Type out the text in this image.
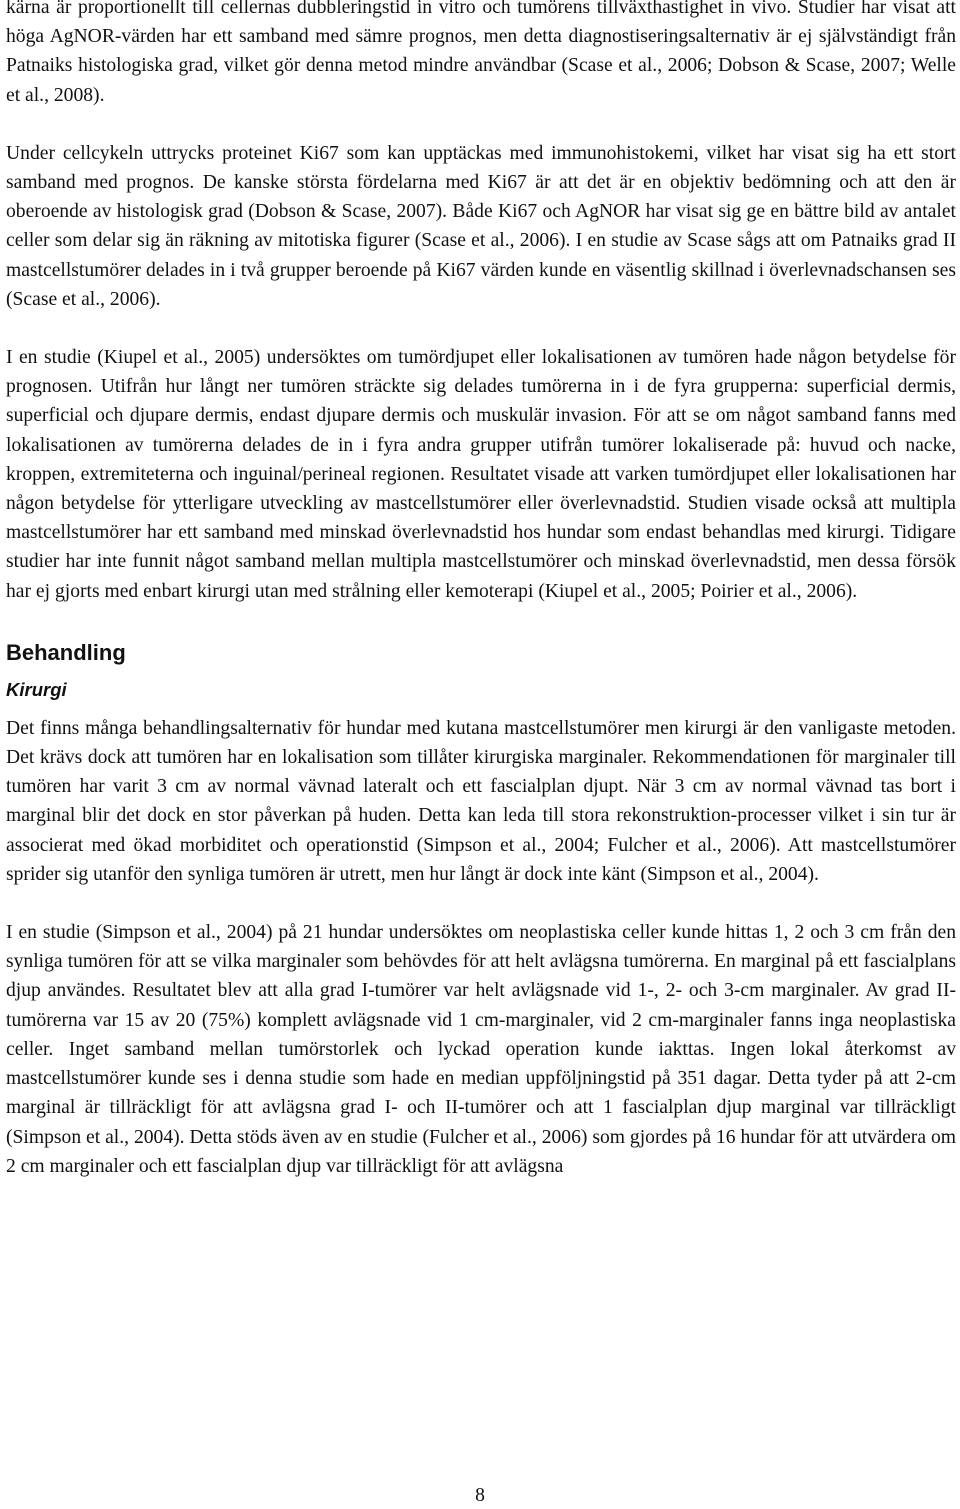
kärna är proportionellt till cellernas dubbleringstid in vitro och tumörens tillväxthastighet in vivo. Studier har visat att höga AgNOR-värden har ett samband med sämre prognos, men detta diagnostiseringsalternativ är ej självständigt från Patnaiks histologiska grad, vilket gör denna metod mindre användbar (Scase et al., 2006; Dobson & Scase, 2007; Welle et al., 2008).

Under cellcykeln uttrycks proteinet Ki67 som kan upptäckas med immunohistokemi, vilket har visat sig ha ett stort samband med prognos. De kanske största fördelarna med Ki67 är att det är en objektiv bedömning och att den är oberoende av histologisk grad (Dobson & Scase, 2007). Både Ki67 och AgNOR har visat sig ge en bättre bild av antalet celler som delar sig än räkning av mitotiska figurer (Scase et al., 2006). I en studie av Scase sågs att om Patnaiks grad II mastcellstumörer delades in i två grupper beroende på Ki67 värden kunde en väsentlig skillnad i överlevnadschansen ses (Scase et al., 2006).

I en studie (Kiupel et al., 2005) undersöktes om tumördjupet eller lokalisationen av tumören hade någon betydelse för prognosen. Utifrån hur långt ner tumören sträckte sig delades tumörerna in i de fyra grupperna: superficial dermis, superficial och djupare dermis, endast djupare dermis och muskulär invasion. För att se om något samband fanns med lokalisationen av tumörerna delades de in i fyra andra grupper utifrån tumörer lokaliserade på: huvud och nacke, kroppen, extremiteterna och inguinal/perineal regionen. Resultatet visade att varken tumördjupet eller lokalisationen har någon betydelse för ytterligare utveckling av mastcellstumörer eller överlevnadstid. Studien visade också att multipla mastcellstumörer har ett samband med minskad överlevnadstid hos hundar som endast behandlas med kirurgi. Tidigare studier har inte funnit något samband mellan multipla mastcellstumörer och minskad överlevnadstid, men dessa försök har ej gjorts med enbart kirurgi utan med strålning eller kemoterapi (Kiupel et al., 2005; Poirier et al., 2006).

Behandling
Kirurgi

Det finns många behandlingsalternativ för hundar med kutana mastcellstumörer men kirurgi är den vanligaste metoden. Det krävs dock att tumören har en lokalisation som tillåter kirurgiska marginaler. Rekommendationen för marginaler till tumören har varit 3 cm av normal vävnad lateralt och ett fascialplan djupt. När 3 cm av normal vävnad tas bort i marginal blir det dock en stor påverkan på huden. Detta kan leda till stora rekonstruktion-processer vilket i sin tur är associerat med ökad morbiditet och operationstid (Simpson et al., 2004; Fulcher et al., 2006). Att mastcellstumörer sprider sig utanför den synliga tumören är utrett, men hur långt är dock inte känt (Simpson et al., 2004).

I en studie (Simpson et al., 2004) på 21 hundar undersöktes om neoplastiska celler kunde hittas 1, 2 och 3 cm från den synliga tumören för att se vilka marginaler som behövdes för att helt avlägsna tumörerna. En marginal på ett fascialplans djup användes. Resultatet blev att alla grad I-tumörer var helt avlägsnade vid 1-, 2- och 3-cm marginaler. Av grad II-tumörerna var 15 av 20 (75%) komplett avlägsnade vid 1 cm-marginaler, vid 2 cm-marginaler fanns inga neoplastiska celler. Inget samband mellan tumörstorlek och lyckad operation kunde iakttas. Ingen lokal återkomst av mastcellstumörer kunde ses i denna studie som hade en median uppföljningstid på 351 dagar. Detta tyder på att 2-cm marginal är tillräckligt för att avlägsna grad I- och II-tumörer och att 1 fascialplan djup marginal var tillräckligt (Simpson et al., 2004). Detta stöds även av en studie (Fulcher et al., 2006) som gjordes på 16 hundar för att utvärdera om 2 cm marginaler och ett fascialplan djup var tillräckligt för att avlägsna

8
